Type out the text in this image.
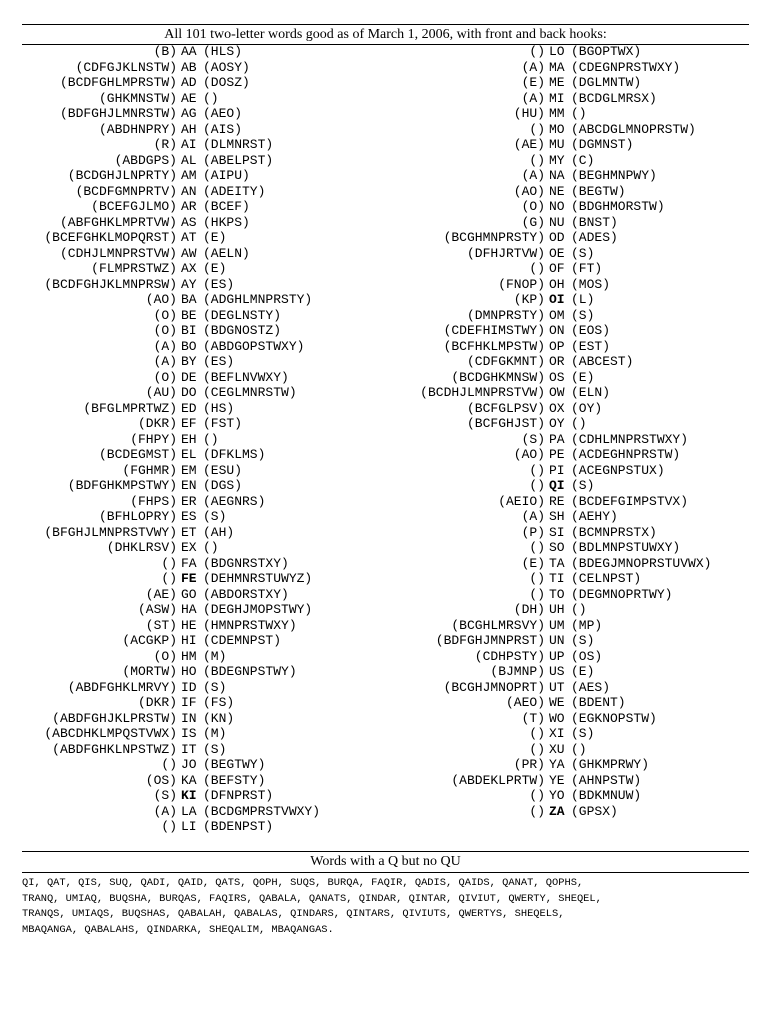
All 101 two-letter words good as of March 1, 2006, with front and back hooks:
(B) AA (HLS)
(CDFGJKLNSTW) AB (AOSY)
(BCDFGHLMPRSTW) AD (DOSZ)
(GHKMNSTW) AE ()
(BDFGHJLMNRSTW) AG (AEO)
(ABDHNPRY) AH (AIS)
(R) AI (DLMNRST)
(ABDGPS) AL (ABELPST)
(BCDGHJLNPRTY) AM (AIPU)
(BCDFGMNPRTV) AN (ADEITY)
(BCEFGJLMO) AR (BCEF)
(ABFGHKLMPRTVW) AS (HKPS)
(BCEFGHKLMOPQRST) AT (E)
(CDHJLMNPRSTVW) AW (AELN)
(FLMPRSTWZ) AX (E)
(BCDFGHJKLMNPRSW) AY (ES)
(AO) BA (ADGHLMNPRSTY)
(O) BE (DEGLNSTY)
(O) BI (BDGNOSTZ)
(A) BO (ABDGOPSTWXY)
(A) BY (ES)
(O) DE (BEFLNVWXY)
(AU) DO (CEGLMNRSTW)
(BFGLMPRTWZ) ED (HS)
(DKR) EF (FST)
(FHPY) EH ()
(BCDEGMST) EL (DFKLMS)
(FGHMR) EM (ESU)
(BDFGHKMPSTWY) EN (DGS)
(FHPS) ER (AEGNRS)
(BFHLOPRY) ES (S)
(BFGHJLMNPRSTVWY) ET (AH)
(DHKLRSV) EX ()
() FA (BDGNRSTXY)
() FE (DEHMNRSTUWYZ)
(AE) GO (ABDORSTXY)
(ASW) HA (DEGHJMOPSTWY)
(ST) HE (HMNPRSTWXY)
(ACGKP) HI (CDEMNPST)
(O) HM (M)
(MORTW) HO (BDEGNPSTWY)
(ABDFGHKLMRVY) ID (S)
(DKR) IF (FS)
(ABDFGHJKLPRSTW) IN (KN)
(ABCDHKLMPQSTVWX) IS (M)
(ABDFGHKLNPSTWZ) IT (S)
() JO (BEGTWY)
(OS) KA (BEFSTY)
(S) KI (DFNPRST)
(A) LA (BCDGMPRSTVWXY)
() LI (BDENPST)
() LO (BGOPTWX)
(A) MA (CDEGNPRSTWXY)
(E) ME (DGLMNTW)
(A) MI (BCDGLMRSX)
(HU) MM ()
() MO (ABCDGLMNOPRSTW)
(AE) MU (DGMNST)
() MY (C)
(A) NA (BEGHMNPWY)
(AO) NE (BEGTW)
(O) NO (BDGHMORSTW)
(G) NU (BNST)
(BCGHMNPRSTY) OD (ADES)
(DFHJRTVW) OE (S)
() OF (FT)
(FNOP) OH (MOS)
(KP) OI (L)
(DMNPRSTY) OM (S)
(CDEFHIMSTWY) ON (EOS)
(BCFHKLMPSTW) OP (EST)
(CDFGKMNT) OR (ABCEST)
(BCDGHKMNSW) OS (E)
(BCDHJLMNPRSTVW) OW (ELN)
(BCFGLPSV) OX (OY)
(BCFGHJST) OY ()
(S) PA (CDHLMNPRSTWXY)
(AO) PE (ACDEGHNPRSTW)
() PI (ACEGNPSTUX)
() QI (S)
(AEIO) RE (BCDEFGIMPSTVX)
(A) SH (AEHY)
(P) SI (BCMNPRSTX)
() SO (BDLMNPSTUWXY)
(E) TA (BDEGJMNOPRSTUVWX)
() TI (CELNPST)
() TO (DEGMNOPRTWY)
(DH) UH ()
(BCGHLMRSVY) UM (MP)
(BDFGHJMNPRST) UN (S)
(CDHPSTY) UP (OS)
(BJMNP) US (E)
(BCGHJMNOPRT) UT (AES)
(AEO) WE (BDENT)
(T) WO (EGKNOPSTW)
() XI (S)
() XU ()
(PR) YA (GHKMPRWY)
(ABDEKLPRTW) YE (AHNPSTW)
() YO (BDKMNUW)
() ZA (GPSX)
Words with a Q but no QU
QI, QAT, QIS, SUQ, QADI, QAID, QATS, QOPH, SUQS, BURQA, FAQIR, QADIS, QAIDS, QANAT, QOPHS,
TRANQ, UMIAQ, BUQSHA, BURQAS, FAQIRS, QABALA, QANATS, QINDAR, QINTAR, QIVIUT, QWERTY, SHEQEL,
TRANQS, UMIAQS, BUQSHAS, QABALAH, QABALAS, QINDARS, QINTARS, QIVIUTS, QWERTYS, SHEQELS,
MBAQANGA, QABALAHS, QINDARKA, SHEQALIM, MBAQANGAS.
